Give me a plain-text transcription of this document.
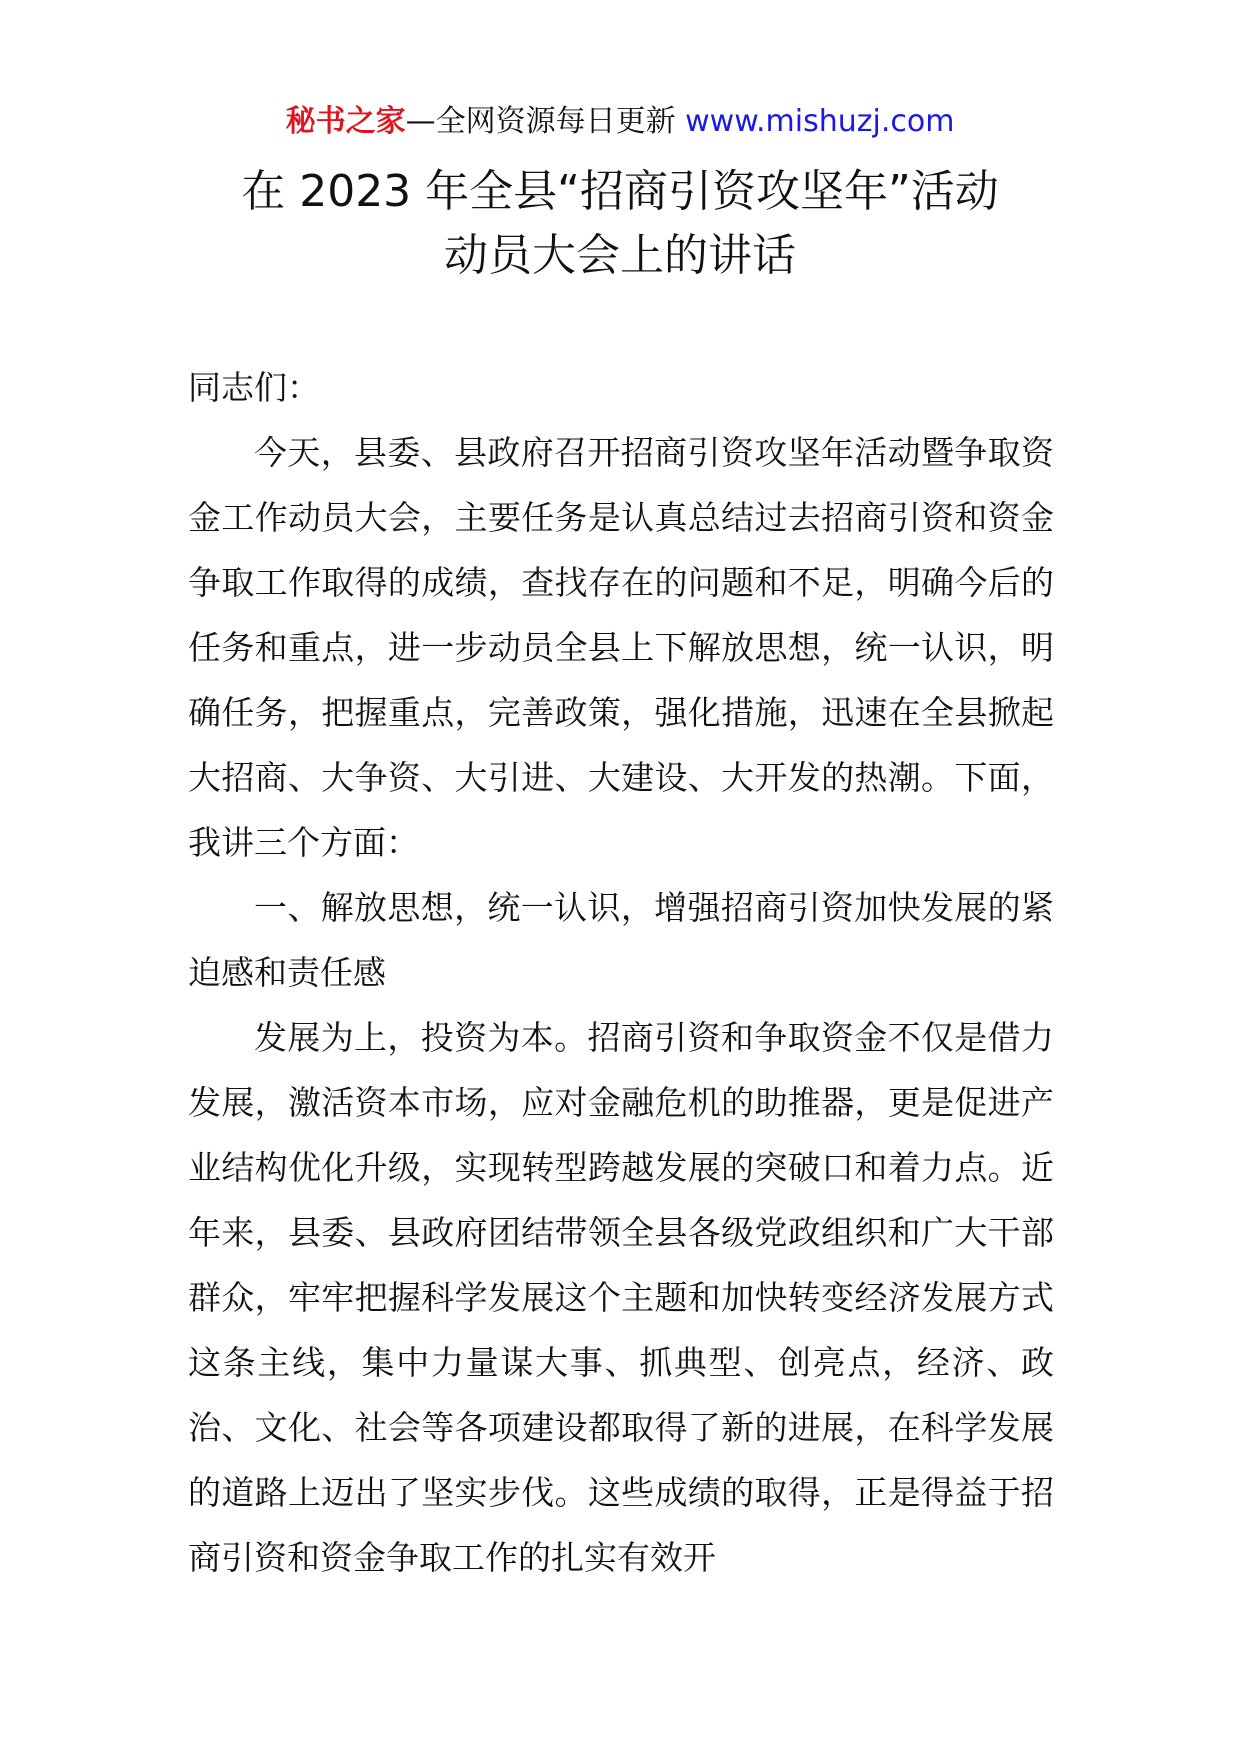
秘书之家—全网资源每日更新 www.mishuzj.com
在 2023 年全县“招商引资攻坚年”活动
动员大会上的讲话

同志们：

今天，县委、县政府召开招商引资攻坚年活动暨争取资金工作动员大会，主要任务是认真总结过去招商引资和资金争取工作取得的成绩，查找存在的问题和不足，明确今后的任务和重点，进一步动员全县上下解放思想，统一认识，明确任务，把握重点，完善政策，强化措施，迅速在全县掀起大招商、大争资、大引进、大建设、大开发的热潮。下面，我讲三个方面：

一、解放思想，统一认识，增强招商引资加快发展的紧迫感和责任感

发展为上，投资为本。招商引资和争取资金不仅是借力发展，激活资本市场，应对金融危机的助推器，更是促进产业结构优化升级，实现转型跨越发展的突破口和着力点。近年来，县委、县政府团结带领全县各级党政组织和广大干部群众，牢牢把握科学发展这个主题和加快转变经济发展方式这条主线，集中力量谋大事、抓典型、创亮点，经济、政治、文化、社会等各项建设都取得了新的进展，在科学发展的道路上迈出了坚实步伐。这些成绩的取得，正是得益于招商引资和资金争取工作的扎实有效开
